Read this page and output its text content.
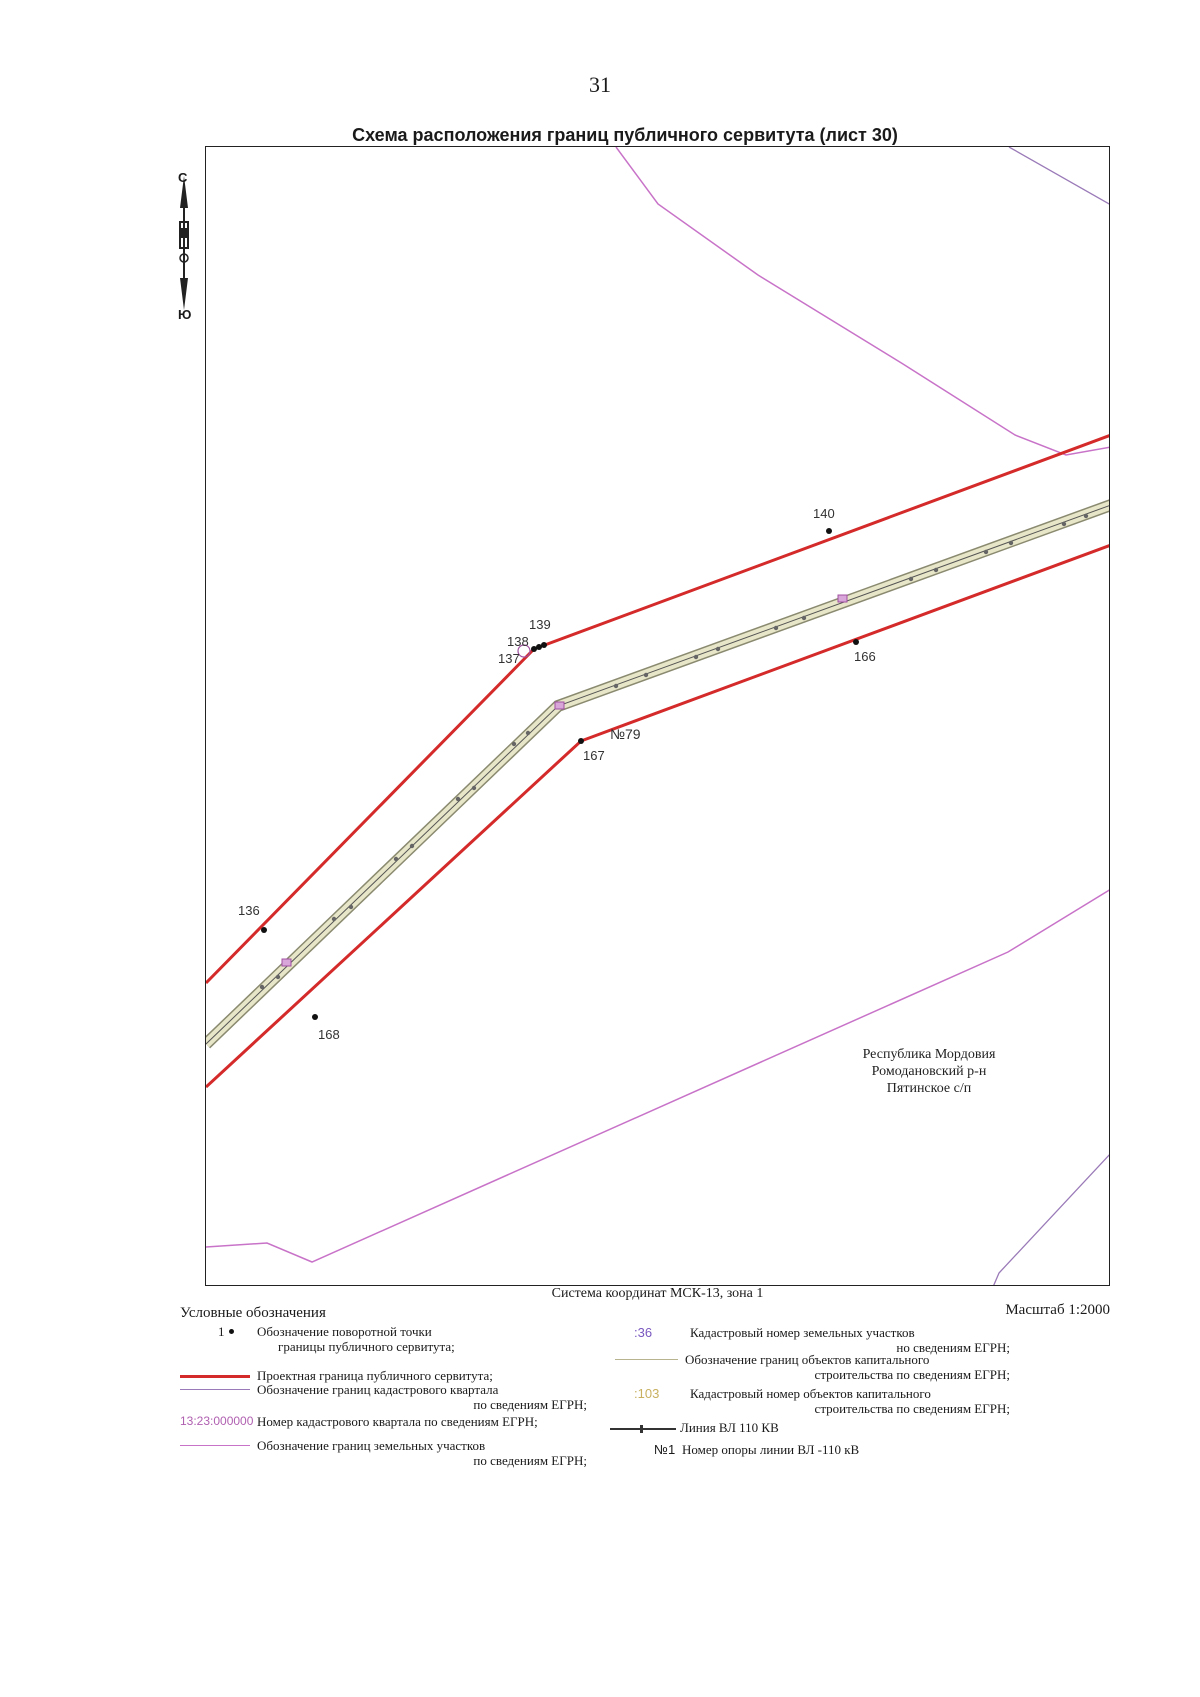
31
Схема расположения границ публичного сервитута (лист 30)
С
Ю
139
138
137
140
166
167
136
168
№79
Республика Мордовия
Ромодановский р-н
Пятинское с/п
Система координат МСК-13, зона 1
Масштаб 1:2000
Условные обозначения
1	Обозначение поворотной точки
границы публичного сервитута;
Проектная граница публичного сервитута;
Обозначение границ кадастрового квартала
по сведениям ЕГРН;
13:23:000000 Номер кадастрового квартала по сведениям ЕГРН;
Обозначение границ земельных участков
по сведениям ЕГРН;
:36	Кадастровый номер земельных участков
но сведениям ЕГРН;
Обозначение границ объектов капитального
строительства по сведениям ЕГРН;
:103 Кадастровый номер объектов капитального
строительства по сведениям ЕГРН;
Линия ВЛ 110 КВ
№1 Номер опоры линии ВЛ -110 кВ
